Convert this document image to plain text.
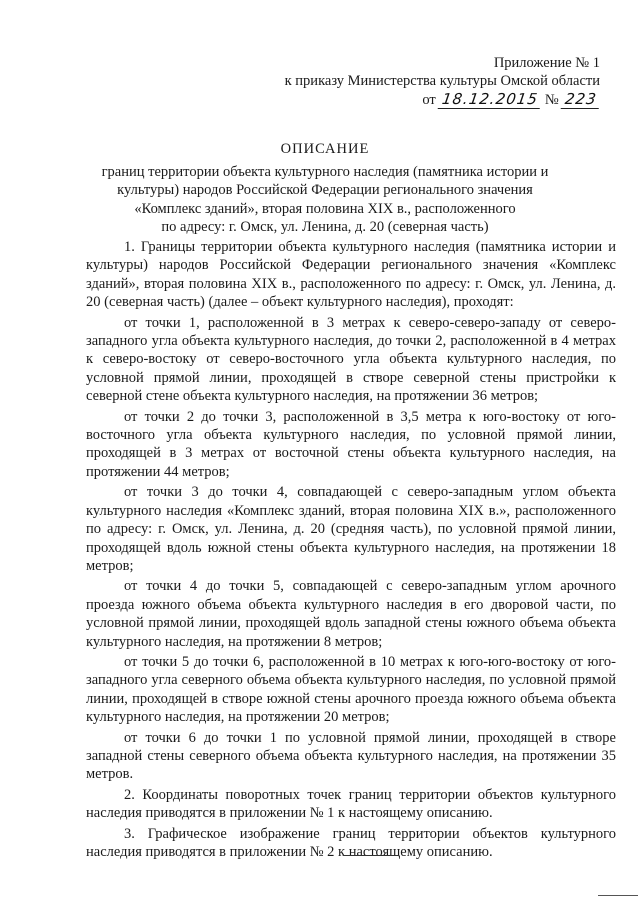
Приложение № 1
к приказу Министерства культуры Омской области
от 18.12.2015 № 223
ОПИСАНИЕ
границ территории объекта культурного наследия (памятника истории и
культуры) народов Российской Федерации регионального значения
«Комплекс зданий», вторая половина XIX в., расположенного
по адресу: г. Омск, ул. Ленина, д. 20 (северная часть)

1. Границы территории объекта культурного наследия (памятника истории и культуры) народов Российской Федерации регионального значения «Комплекс зданий», вторая половина XIX в., расположенного по адресу: г. Омск, ул. Ленина, д. 20 (северная часть) (далее – объект культурного наследия), проходят:

от точки 1, расположенной в 3 метрах к северо-северо-западу от северо-западного угла объекта культурного наследия, до точки 2, расположенной в 4 метрах к северо-востоку от северо-восточного угла объекта культурного наследия, по условной прямой линии, проходящей в створе северной стены пристройки к северной стене объекта культурного наследия, на протяжении 36 метров;

от точки 2 до точки 3, расположенной в 3,5 метра к юго-востоку от юго-восточного угла объекта культурного наследия, по условной прямой линии, проходящей в 3 метрах от восточной стены объекта культурного наследия, на протяжении 44 метров;

от точки 3 до точки 4, совпадающей с северо-западным углом объекта культурного наследия «Комплекс зданий, вторая половина XIX в.», расположенного по адресу: г. Омск, ул. Ленина, д. 20 (средняя часть), по условной прямой линии, проходящей вдоль южной стены объекта культурного наследия, на протяжении 18 метров;

от точки 4 до точки 5, совпадающей с северо-западным углом арочного проезда южного объема объекта культурного наследия в его дворовой части, по условной прямой линии, проходящей вдоль западной стены южного объема объекта культурного наследия, на протяжении 8 метров;

от точки 5 до точки 6, расположенной в 10 метрах к юго-юго-востоку от юго-западного угла северного объема объекта культурного наследия, по условной прямой линии, проходящей в створе южной стены арочного проезда южного объема объекта культурного наследия, на протяжении 20 метров;

от точки 6 до точки 1 по условной прямой линии, проходящей в створе западной стены северного объема объекта культурного наследия, на протяжении 35 метров.

2. Координаты поворотных точек границ территории объектов культурного наследия приводятся в приложении № 1 к настоящему описанию.

3. Графическое изображение границ территории объектов культурного наследия приводятся в приложении № 2 к настоящему описанию.
